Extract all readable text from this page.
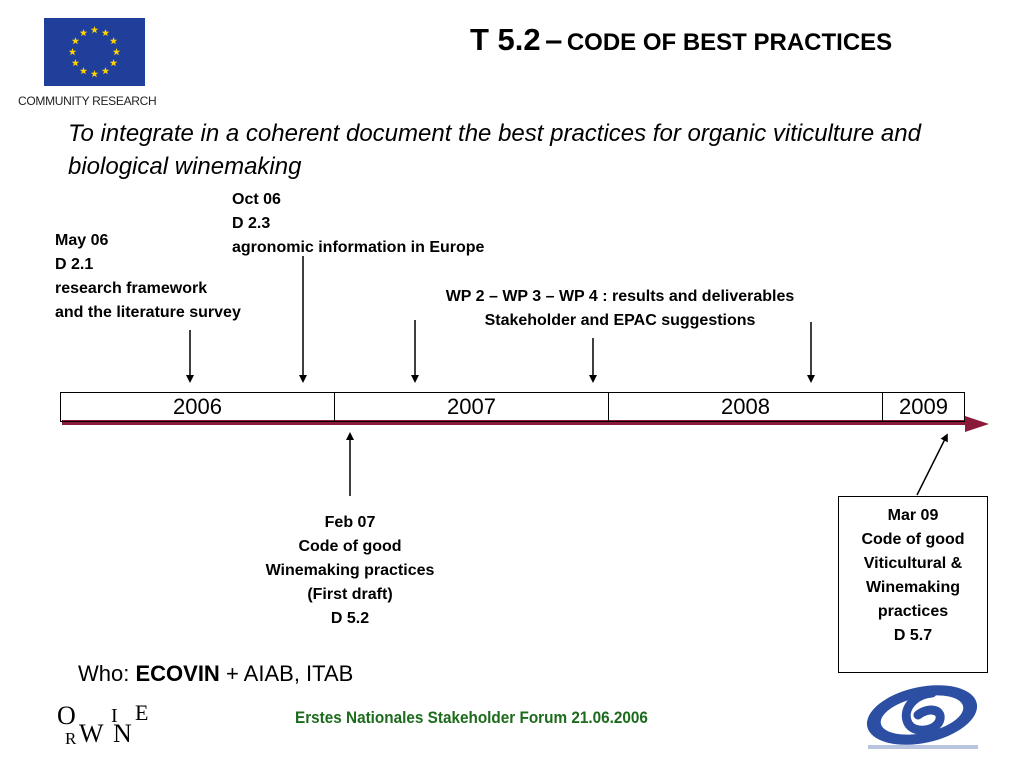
COMMUNITY RESEARCH
T 5.2 – CODE OF BEST PRACTICES
To integrate in a coherent document the best practices for organic viticulture and biological winemaking
May 06
D 2.1
research framework
and the literature survey
Oct 06
D 2.3
agronomic information in Europe
WP 2 – WP 3 – WP 4 : results and deliverables
Stakeholder and EPAC suggestions
Feb 07
Code of good
Winemaking practices
(First draft)
D 5.2
Mar 09
Code of good
Viticultural &
Winemaking
practices
D 5.7
2006	2007	2008	2009
Who: ECOVIN + AIAB, ITAB
O
R W
I
N
E	Erstes Nationales Stakeholder Forum 21.06.2006
